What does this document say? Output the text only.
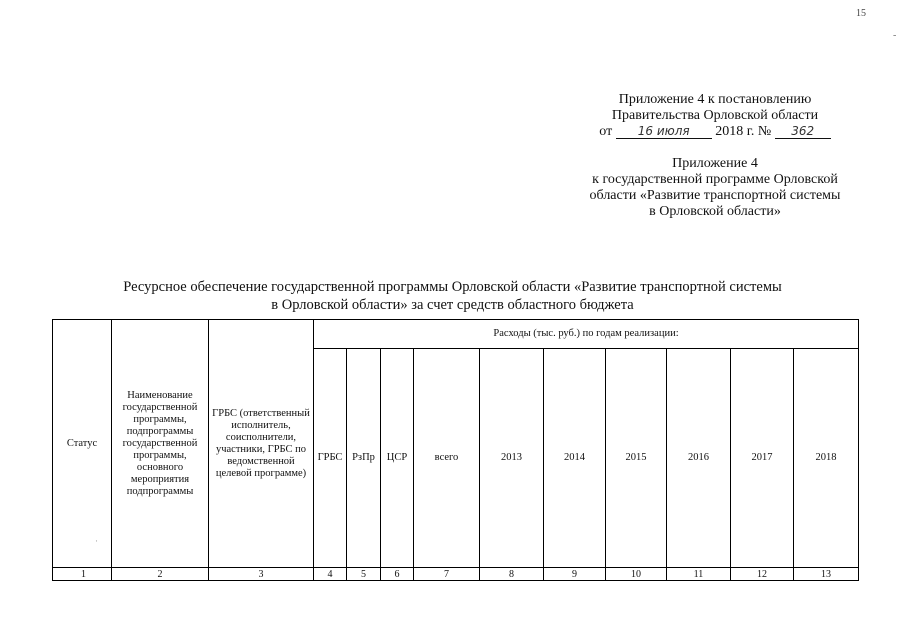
15
-
Приложение 4 к постановлению
Правительства Орловской области
от 16 июля 2018 г. № 362
Приложение 4
к государственной программе Орловской
области «Развитие транспортной системы
в Орловской области»
Ресурсное обеспечение государственной программы Орловской области «Развитие транспортной системы
в Орловской области» за счет средств областного бюджета
·
Статус	Наименование государственной программы, подпрограммы государственной программы, основного мероприятия подпрограммы	ГРБС (ответственный исполнитель, соисполнители, участники, ГРБС по ведомственной целевой программе)	Расходы (тыс. руб.) по годам реализации:									
			ГРБС	РзПр	ЦСР	всего	2013	2014	2015	2016	2017	2018
1	2	3	4	5	6	7	8	9	10	11	12	13
